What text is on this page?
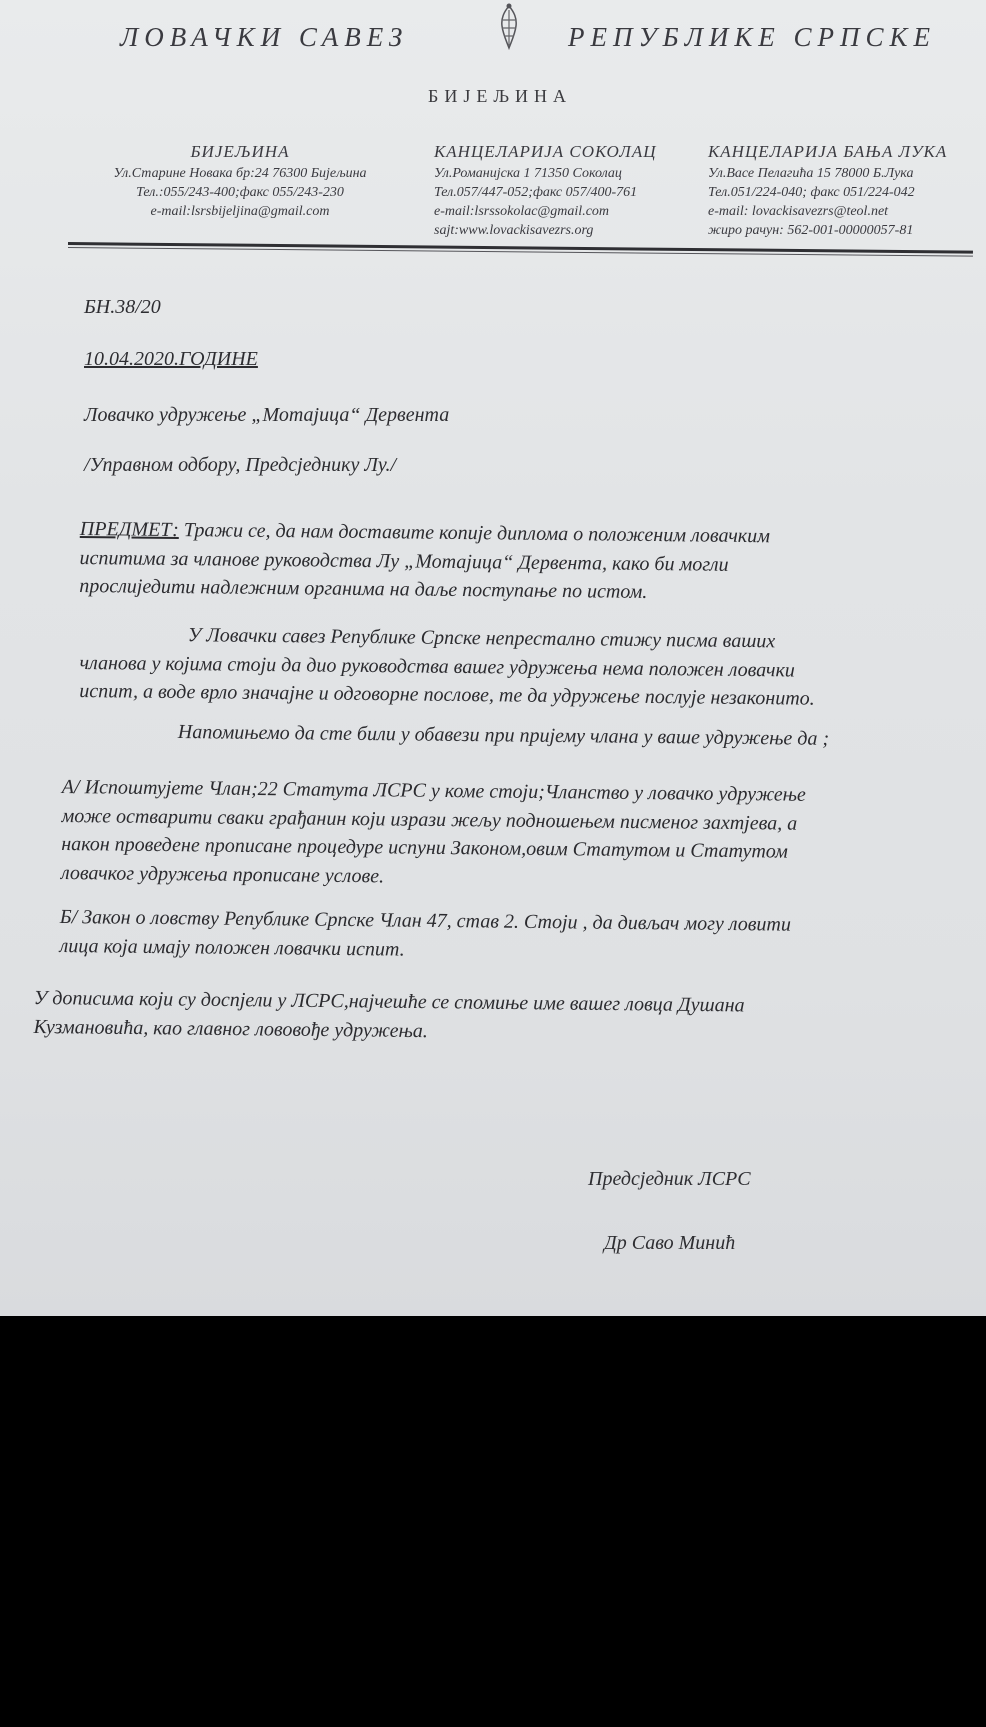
ЛОВАЧКИ САВЕЗ	РЕПУБЛИКЕ СРПСКЕ
БИЈЕЉИНА
БИЈЕЉИНА
Ул.Старине Новака бр:24 76300 Бијељина
Тел.:055/243-400;факс 055/243-230
e-mail:lsrsbijeljina@gmail.com
КАНЦЕЛАРИЈА СОКОЛАЦ
Ул.Романијска 1 71350 Соколац
Тел.057/447-052;факс 057/400-761
e-mail:lsrssokolac@gmail.com
sajt:www.lovackisavezrs.org
КАНЦЕЛАРИЈА БАЊА ЛУКА
Ул.Васе Пелагића 15 78000 Б.Лука
Тел.051/224-040; факс 051/224-042
e-mail: lovackisavezrs@teol.net
жиро рачун: 562-001-00000057-81
БН.38/20
10.04.2020.ГОДИНЕ
Ловачко удружење „Мотајица“ Дервента
/Управном одбору, Предсједнику Лу./
ПРЕДМЕТ: Тражи се, да нам доставите копије диплома о положеним ловачким
испитима за чланове руководства Лу „Мотајица“ Дервента, како би могли
прослиједити надлежним органима на даље поступање по истом.
У Ловачки савез Републике Српске непрестално стижу писма ваших
чланова у којима стоји да дио руководства вашег удружења нема положен ловачки
испит, а воде врло значајне и одговорне послове, те да удружење послује незаконито.
Напомињемо да сте били у обавези при пријему члана у ваше удружење да ;
А/ Испоштујете Члан;22 Статута ЛСРС у коме стоји;Чланство у ловачко удружење
може остварити сваки грађанин који изрази жељу подношењем писменог захтјева, а
након проведене прописане процедуре испуни Законом,овим Статутом и Статутом
ловачког удружења прописане услове.
Б/ Закон о ловству Републике Српске Члан 47, став 2. Стоји , да дивљач могу ловити
лица која имају положен ловачки испит.
У дописима који су доспјели у ЛСРС,најчешће се спомиње име вашег ловца Душана
Кузмановића, као главног лововође удружења.
Предсједник ЛСРС
Др Саво Минић
